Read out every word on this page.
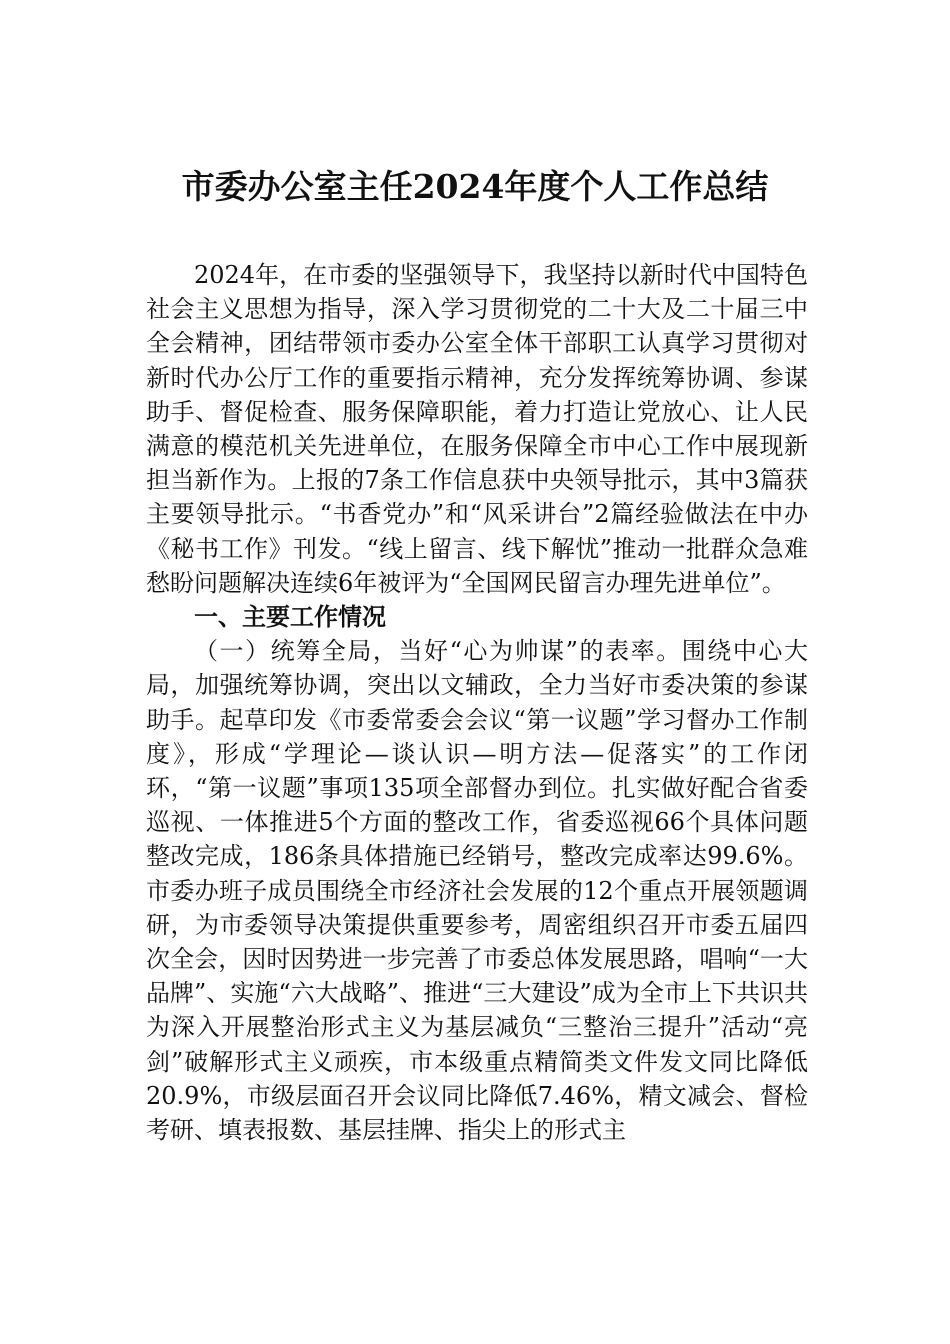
市委办公室主任2024年度个人工作总结

2024年，在市委的坚强领导下，我坚持以新时代中国特色社会主义思想为指导，深入学习贯彻党的二十大及二十届三中全会精神，团结带领市委办公室全体干部职工认真学习贯彻对新时代办公厅工作的重要指示精神，充分发挥统筹协调、参谋助手、督促检查、服务保障职能，着力打造让党放心、让人民满意的模范机关先进单位，在服务保障全市中心工作中展现新担当新作为。上报的7条工作信息获中央领导批示，其中3篇获主要领导批示。“书香党办”和“风采讲台”2篇经验做法在中办《秘书工作》刊发。“线上留言、线下解忧”推动一批群众急难愁盼问题解决连续6年被评为“全国网民留言办理先进单位”。

一、主要工作情况

（一）统筹全局，当好“心为帅谋”的表率。围绕中心大局，加强统筹协调，突出以文辅政，全力当好市委决策的参谋助手。起草印发《市委常委会会议“第一议题”学习督办工作制度》，形成“学理论—谈认识—明方法—促落实”的工作闭环，“第一议题”事项135项全部督办到位。扎实做好配合省委巡视、一体推进5个方面的整改工作，省委巡视66个具体问题整改完成，186条具体措施已经销号，整改完成率达99.6%。市委办班子成员围绕全市经济社会发展的12个重点开展领题调研，为市委领导决策提供重要参考，周密组织召开市委五届四次全会，因时因势进一步完善了市委总体发展思路，唱响“一大品牌”、实施“六大战略”、推进“三大建设”成为全市上下共识共为深入开展整治形式主义为基层减负“三整治三提升”活动“亮剑”破解形式主义顽疾，市本级重点精简类文件发文同比降低20.9%，市级层面召开会议同比降低7.46%，精文减会、督检考研、填表报数、基层挂牌、指尖上的形式主
